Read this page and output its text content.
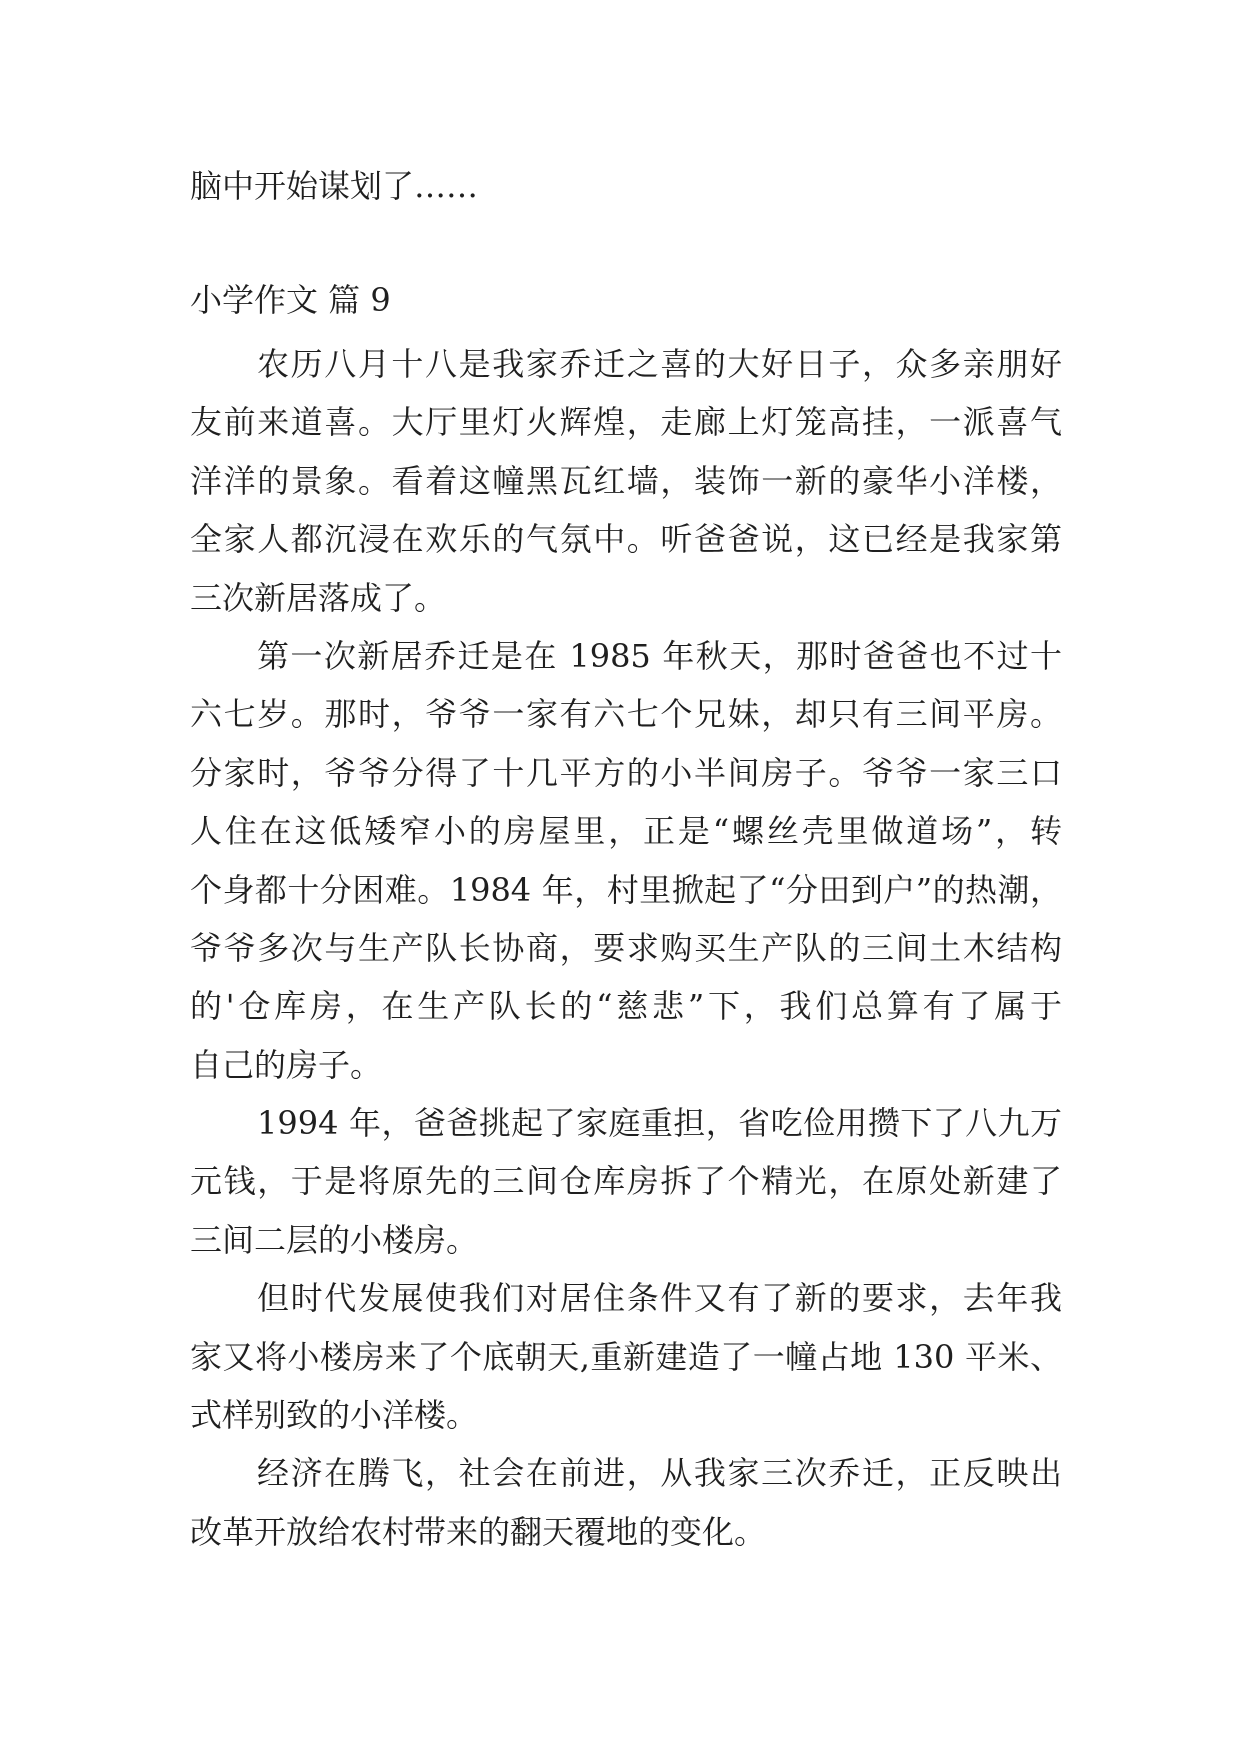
脑中开始谋划了……
小学作文 篇 9
农历八月十八是我家乔迁之喜的大好日子，众多亲朋好
友前来道喜。大厅里灯火辉煌，走廊上灯笼高挂，一派喜气
洋洋的景象。看着这幢黑瓦红墙，装饰一新的豪华小洋楼，
全家人都沉浸在欢乐的气氛中。听爸爸说，这已经是我家第
三次新居落成了。
第一次新居乔迁是在 1985 年秋天，那时爸爸也不过十
六七岁。那时，爷爷一家有六七个兄妹，却只有三间平房。
分家时，爷爷分得了十几平方的小半间房子。爷爷一家三口
人住在这低矮窄小的房屋里，正是“螺丝壳里做道场”，转
个身都十分困难。1984 年，村里掀起了“分田到户”的热潮，
爷爷多次与生产队长协商，要求购买生产队的三间土木结构
的'仓库房，在生产队长的“慈悲”下，我们总算有了属于
自己的房子。
1994 年，爸爸挑起了家庭重担，省吃俭用攒下了八九万
元钱，于是将原先的三间仓库房拆了个精光，在原处新建了
三间二层的小楼房。
但时代发展使我们对居住条件又有了新的要求，去年我
家又将小楼房来了个底朝天,重新建造了一幢占地 130 平米、
式样别致的小洋楼。
经济在腾飞，社会在前进，从我家三次乔迁，正反映出
改革开放给农村带来的翻天覆地的变化。
